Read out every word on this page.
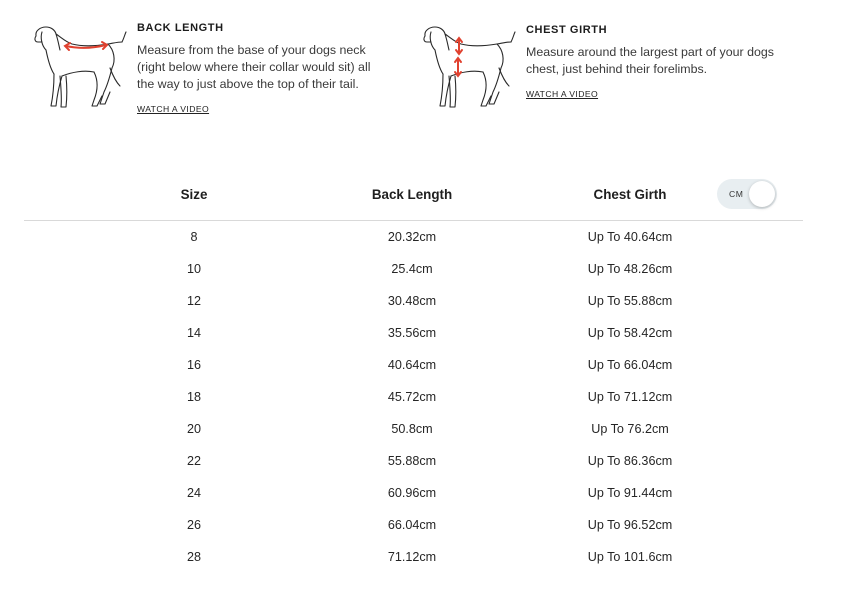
BACK LENGTH
Measure from the base of your dogs neck (right below where their collar would sit) all the way to just above the top of their tail.
WATCH A VIDEO
CHEST GIRTH
Measure around the largest part of your dogs chest, just behind their forelimbs.
WATCH A VIDEO
Size	Back Length	Chest Girth	CM
8	20.32cm	Up To 40.64cm
10	25.4cm	Up To 48.26cm
12	30.48cm	Up To 55.88cm
14	35.56cm	Up To 58.42cm
16	40.64cm	Up To 66.04cm
18	45.72cm	Up To 71.12cm
20	50.8cm	Up To 76.2cm
22	55.88cm	Up To 86.36cm
24	60.96cm	Up To 91.44cm
26	66.04cm	Up To 96.52cm
28	71.12cm	Up To 101.6cm
